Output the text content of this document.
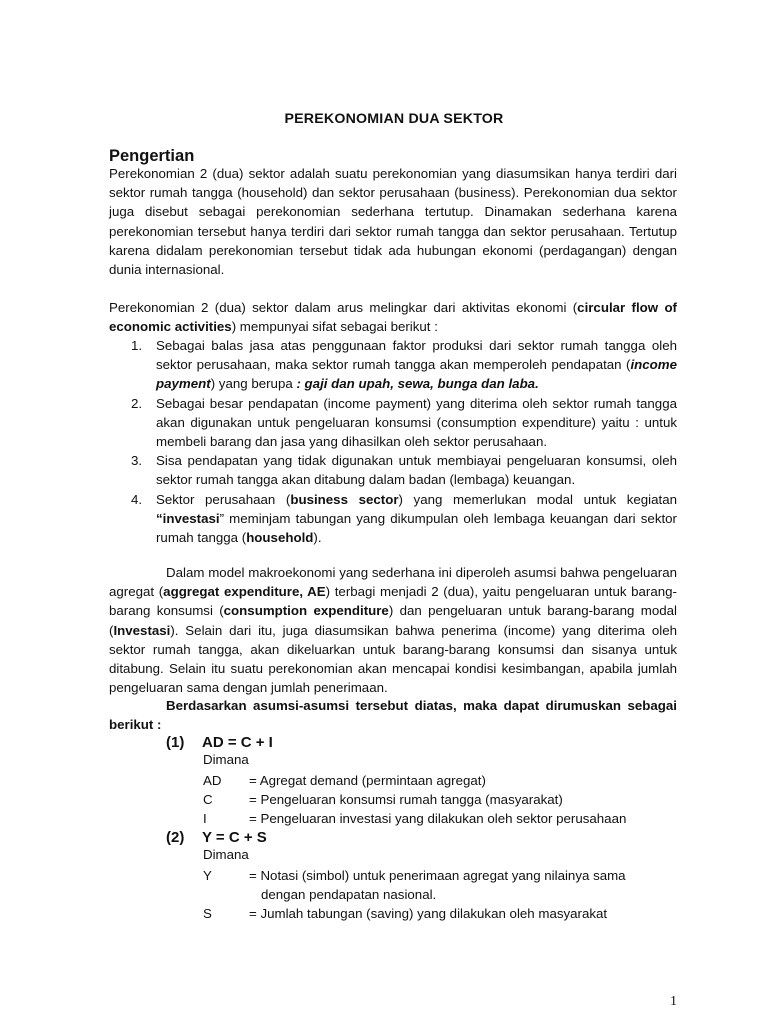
PEREKONOMIAN DUA SEKTOR
Pengertian
Perekonomian 2 (dua) sektor adalah suatu perekonomian yang diasumsikan hanya terdiri dari sektor rumah tangga (household) dan sektor perusahaan (business). Perekonomian dua sektor juga disebut sebagai perekonomian sederhana tertutup. Dinamakan sederhana karena perekonomian tersebut hanya terdiri dari sektor rumah tangga dan sektor perusahaan. Tertutup karena didalam perekonomian tersebut tidak ada hubungan ekonomi (perdagangan) dengan dunia internasional.
Perekonomian 2 (dua) sektor dalam arus melingkar dari aktivitas ekonomi (circular flow of economic activities) mempunyai sifat sebagai berikut :
1. Sebagai balas jasa atas penggunaan faktor produksi dari sektor rumah tangga oleh sektor perusahaan, maka sektor rumah tangga akan memperoleh pendapatan (income payment) yang berupa : gaji dan upah, sewa, bunga dan laba.
2. Sebagai besar pendapatan (income payment) yang diterima oleh sektor rumah tangga akan digunakan untuk pengeluaran konsumsi (consumption expenditure) yaitu : untuk membeli barang dan jasa yang dihasilkan oleh sektor perusahaan.
3. Sisa pendapatan yang tidak digunakan untuk membiayai pengeluaran konsumsi, oleh sektor rumah tangga akan ditabung dalam badan (lembaga) keuangan.
4. Sektor perusahaan (business sector) yang memerlukan modal untuk kegiatan “investasi” meminjam tabungan yang dikumpulan oleh lembaga keuangan dari sektor rumah tangga (household).
Dalam model makroekonomi yang sederhana ini diperoleh asumsi bahwa pengeluaran agregat (aggregat expenditure, AE) terbagi menjadi 2 (dua), yaitu pengeluaran untuk barang-barang konsumsi (consumption expenditure) dan pengeluaran untuk barang-barang modal (Investasi). Selain dari itu, juga diasumsikan bahwa penerima (income) yang diterima oleh sektor rumah tangga, akan dikeluarkan untuk barang-barang konsumsi dan sisanya untuk ditabung. Selain itu suatu perekonomian akan mencapai kondisi kesimbangan, apabila jumlah pengeluaran sama dengan jumlah penerimaan.
Berdasarkan asumsi-asumsi tersebut diatas, maka dapat dirumuskan sebagai berikut :
(1) AD = C + I
Dimana
AD	= Agregat demand (permintaan agregat)
C	= Pengeluaran konsumsi rumah tangga (masyarakat)
I	= Pengeluaran investasi yang dilakukan oleh sektor perusahaan
(2) Y = C + S
Dimana
Y	= Notasi (simbol) untuk penerimaan agregat yang nilainya sama
dengan pendapatan nasional.
S	= Jumlah tabungan (saving) yang dilakukan oleh masyarakat
1
